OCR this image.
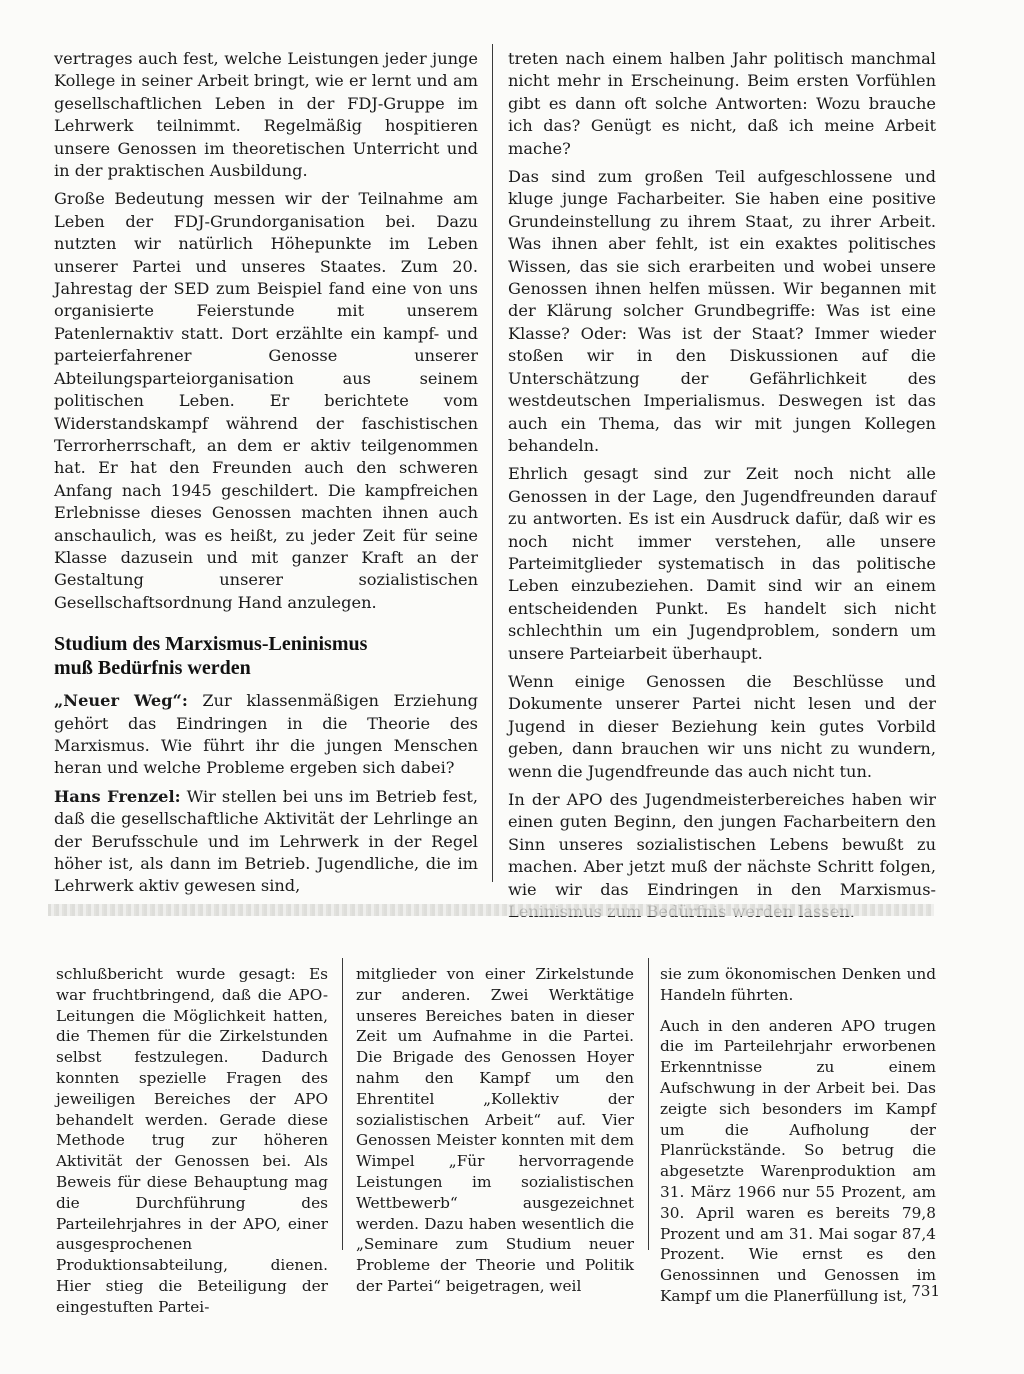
vertrages auch fest, welche Leistungen jeder junge Kollege in seiner Arbeit bringt, wie er lernt und am gesellschaftlichen Leben in der FDJ-Gruppe im Lehrwerk teilnimmt. Regelmäßig hospitieren unsere Genossen im theoretischen Unterricht und in der praktischen Ausbildung.

Große Bedeutung messen wir der Teilnahme am Leben der FDJ-Grundorganisation bei. Dazu nutzten wir natürlich Höhepunkte im Leben unserer Partei und unseres Staates. Zum 20. Jahrestag der SED zum Beispiel fand eine von uns organisierte Feierstunde mit unserem Patenlernaktiv statt. Dort erzählte ein kampf- und parteierfahrener Genosse unserer Abteilungsparteiorganisation aus seinem politischen Leben. Er berichtete vom Widerstandskampf während der faschistischen Terrorherrschaft, an dem er aktiv teilgenommen hat. Er hat den Freunden auch den schweren Anfang nach 1945 geschildert. Die kampfreichen Erlebnisse dieses Genossen machten ihnen auch anschaulich, was es heißt, zu jeder Zeit für seine Klasse dazusein und mit ganzer Kraft an der Gestaltung unserer sozialistischen Gesellschaftsordnung Hand anzulegen.

Studium des Marxismus-Leninismus
muß Bedürfnis werden

„Neuer Weg“: Zur klassenmäßigen Erziehung gehört das Eindringen in die Theorie des Marxismus. Wie führt ihr die jungen Menschen heran und welche Probleme ergeben sich dabei?

Hans Frenzel: Wir stellen bei uns im Betrieb fest, daß die gesellschaftliche Aktivität der Lehrlinge an der Berufsschule und im Lehrwerk in der Regel höher ist, als dann im Betrieb. Jugendliche, die im Lehrwerk aktiv gewesen sind,

treten nach einem halben Jahr politisch manchmal nicht mehr in Erscheinung. Beim ersten Vorfühlen gibt es dann oft solche Antworten: Wozu brauche ich das? Genügt es nicht, daß ich meine Arbeit mache?

Das sind zum großen Teil aufgeschlossene und kluge junge Facharbeiter. Sie haben eine positive Grundeinstellung zu ihrem Staat, zu ihrer Arbeit. Was ihnen aber fehlt, ist ein exaktes politisches Wissen, das sie sich erarbeiten und wobei unsere Genossen ihnen helfen müssen. Wir begannen mit der Klärung solcher Grundbegriffe: Was ist eine Klasse? Oder: Was ist der Staat? Immer wieder stoßen wir in den Diskussionen auf die Unterschätzung der Gefährlichkeit des westdeutschen Imperialismus. Deswegen ist das auch ein Thema, das wir mit jungen Kollegen behandeln.

Ehrlich gesagt sind zur Zeit noch nicht alle Genossen in der Lage, den Jugendfreunden darauf zu antworten. Es ist ein Ausdruck dafür, daß wir es noch nicht immer verstehen, alle unsere Parteimitglieder systematisch in das politische Leben einzubeziehen. Damit sind wir an einem entscheidenden Punkt. Es handelt sich nicht schlechthin um ein Jugendproblem, sondern um unsere Parteiarbeit überhaupt.

Wenn einige Genossen die Beschlüsse und Dokumente unserer Partei nicht lesen und der Jugend in dieser Beziehung kein gutes Vorbild geben, dann brauchen wir uns nicht zu wundern, wenn die Jugendfreunde das auch nicht tun.

In der APO des Jugendmeisterbereiches haben wir einen guten Beginn, den jungen Facharbeitern den Sinn unseres sozialistischen Lebens bewußt zu machen. Aber jetzt muß der nächste Schritt folgen, wie wir das Eindringen in den Marxismus-

schlußbericht wurde gesagt: Es war fruchtbringend, daß die APO-Leitungen die Möglichkeit hatten, die Themen für die Zirkelstunden selbst festzulegen. Dadurch konnten spezielle Fragen des jeweiligen Bereiches der APO behandelt werden. Gerade diese Methode trug zur höheren Aktivität der Genossen bei. Als Beweis für diese Behauptung mag die Durchführung des Parteilehrjahres in der APO, einer ausgesprochenen Produktionsabteilung, dienen. Hier stieg die Beteiligung der eingestuften Partei-

mitglieder von einer Zirkelstunde zur anderen. Zwei Werktätige unseres Bereiches baten in dieser Zeit um Aufnahme in die Partei. Die Brigade des Genossen Hoyer nahm den Kampf um den Ehrentitel „Kollektiv der sozialistischen Arbeit“ auf. Vier Genossen Meister konnten mit dem Wimpel „Für hervorragende Leistungen im sozialistischen Wettbewerb“ ausgezeichnet werden. Dazu haben wesentlich die „Seminare zum Studium neuer Probleme der Theorie und Politik der Partei“ beigetragen, weil

sie zum ökonomischen Denken und Handeln führten.

Auch in den anderen APO trugen die im Parteilehrjahr erworbenen Erkenntnisse zu einem Aufschwung in der Arbeit bei. Das zeigte sich besonders im Kampf um die Aufholung der Planrückstände. So betrug die abgesetzte Warenproduktion am 31. März 1966 nur 55 Prozent, am 30. April waren es bereits 79,8 Prozent und am 31. Mai sogar 87,4 Prozent. Wie ernst es den Genossinnen und Genossen im Kampf um die Planerfüllung ist, 731
